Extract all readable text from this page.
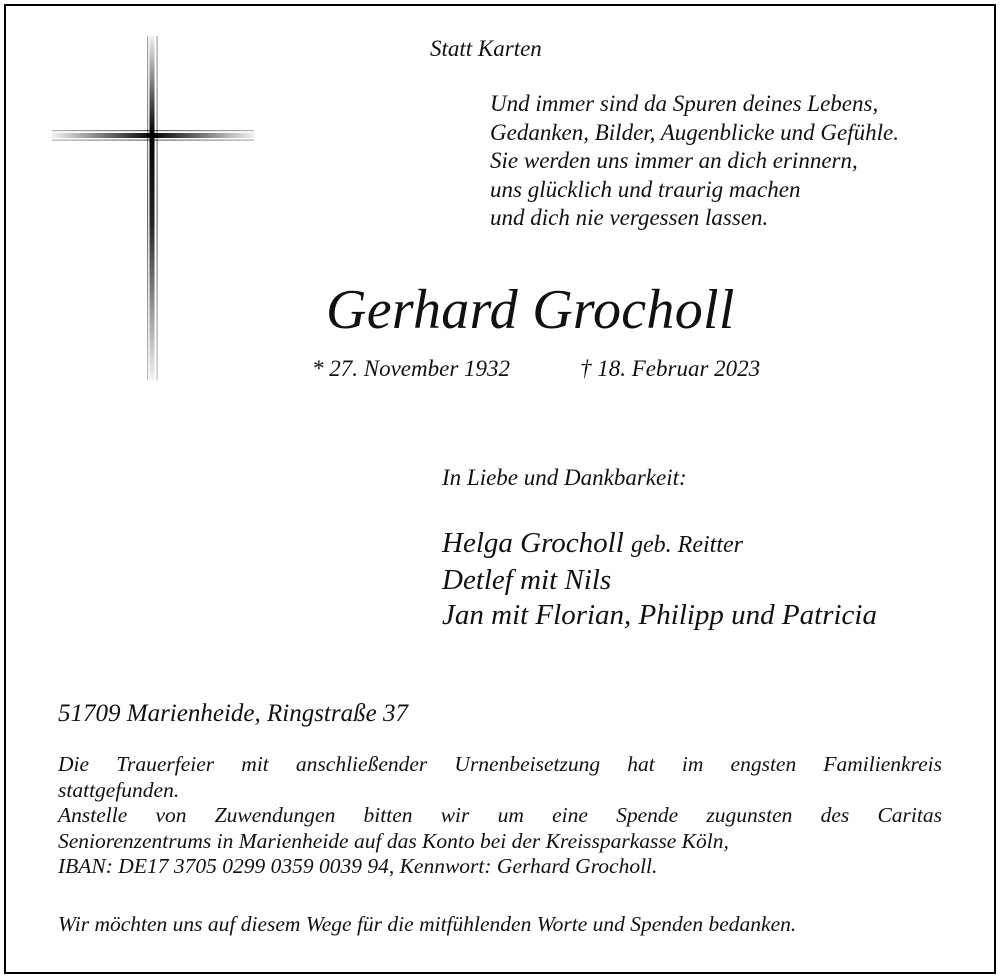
Statt Karten
Und immer sind da Spuren deines Lebens,
Gedanken, Bilder, Augenblicke und Gefühle.
Sie werden uns immer an dich erinnern,
uns glücklich und traurig machen
und dich nie vergessen lassen.
Gerhard Grocholl
* 27. November 1932	† 18. Februar 2023
In Liebe und Dankbarkeit:
Helga Grocholl geb. Reitter
Detlef mit Nils
Jan mit Florian, Philipp und Patricia
51709 Marienheide, Ringstraße 37
Die Trauerfeier mit anschließender Urnenbeisetzung hat im engsten Familienkreis
stattgefunden.
Anstelle von Zuwendungen bitten wir um eine Spende zugunsten des Caritas
Seniorenzentrums in Marienheide auf das Konto bei der Kreissparkasse Köln,
IBAN: DE17 3705 0299 0359 0039 94, Kennwort: Gerhard Grocholl.
Wir möchten uns auf diesem Wege für die mitfühlenden Worte und Spenden bedanken.
